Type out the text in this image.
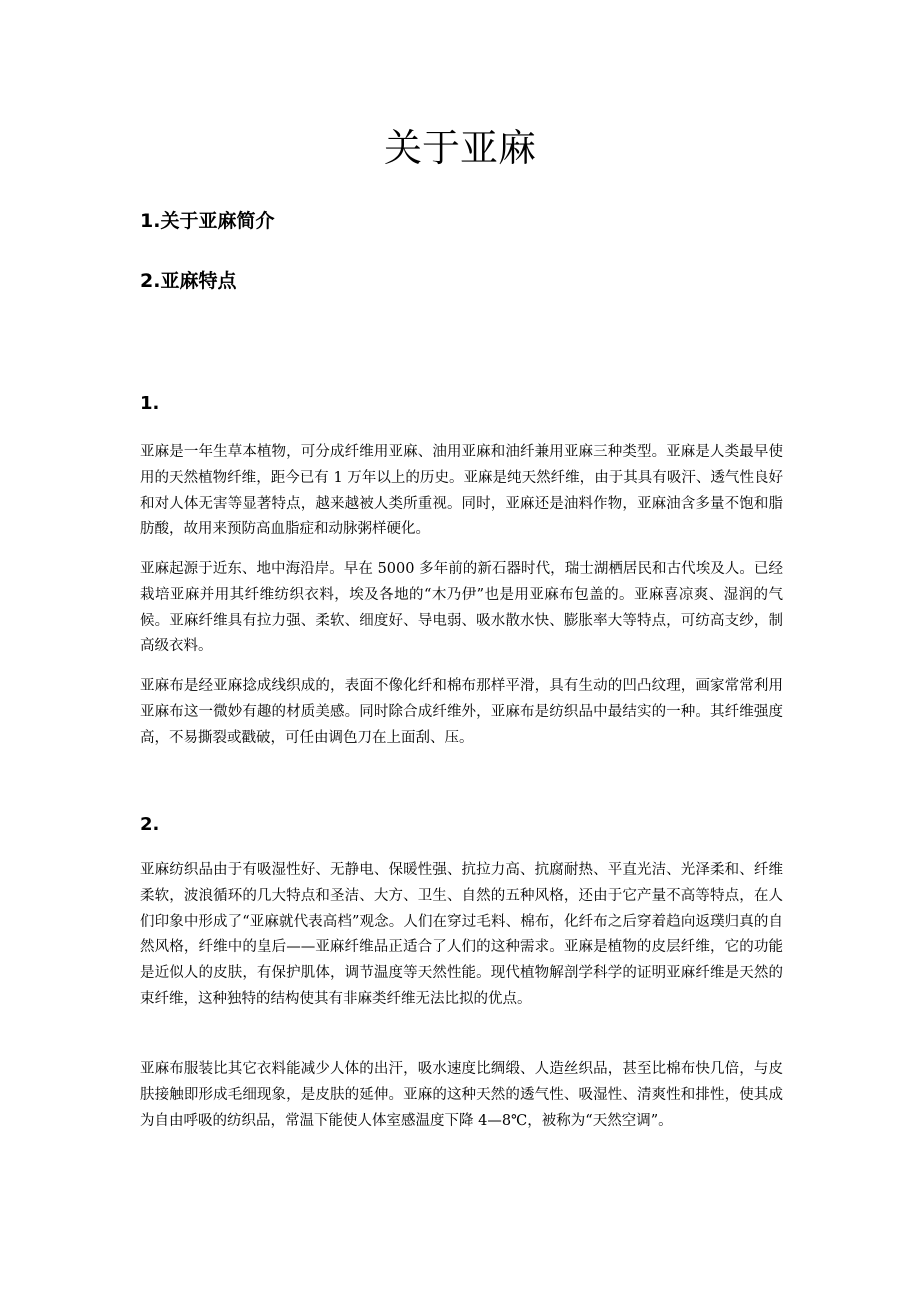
关于亚麻

1.关于亚麻简介

2.亚麻特点

1.

亚麻是一年生草本植物，可分成纤维用亚麻、油用亚麻和油纤兼用亚麻三种类型。亚麻是人类最早使用的天然植物纤维，距今已有 1 万年以上的历史。亚麻是纯天然纤维，由于其具有吸汗、透气性良好和对人体无害等显著特点，越来越被人类所重视。同时，亚麻还是油料作物，亚麻油含多量不饱和脂肪酸，故用来预防高血脂症和动脉粥样硬化。

亚麻起源于近东、地中海沿岸。早在 5000 多年前的新石器时代，瑞士湖栖居民和古代埃及人。已经栽培亚麻并用其纤维纺织衣料，埃及各地的“木乃伊”也是用亚麻布包盖的。亚麻喜凉爽、湿润的气候。亚麻纤维具有拉力强、柔软、细度好、导电弱、吸水散水快、膨胀率大等特点，可纺高支纱，制高级衣料。

亚麻布是经亚麻捻成线织成的，表面不像化纤和棉布那样平滑，具有生动的凹凸纹理，画家常常利用亚麻布这一微妙有趣的材质美感。同时除合成纤维外，亚麻布是纺织品中最结实的一种。其纤维强度高，不易撕裂或戳破，可任由调色刀在上面刮、压。

2.

亚麻纺织品由于有吸湿性好、无静电、保暖性强、抗拉力高、抗腐耐热、平直光洁、光泽柔和、纤维柔软，波浪循环的几大特点和圣洁、大方、卫生、自然的五种风格，还由于它产量不高等特点，在人们印象中形成了“亚麻就代表高档”观念。人们在穿过毛料、棉布，化纤布之后穿着趋向返璞归真的自然风格，纤维中的皇后——亚麻纤维品正适合了人们的这种需求。亚麻是植物的皮层纤维，它的功能是近似人的皮肤，有保护肌体，调节温度等天然性能。现代植物解剖学科学的证明亚麻纤维是天然的束纤维，这种独特的结构使其有非麻类纤维无法比拟的优点。

亚麻布服装比其它衣料能减少人体的出汗，吸水速度比绸缎、人造丝织品，甚至比棉布快几倍，与皮肤接触即形成毛细现象，是皮肤的延伸。亚麻的这种天然的透气性、吸湿性、清爽性和排性，使其成为自由呼吸的纺织品，常温下能使人体室感温度下降 4—8℃，被称为“天然空调”。
